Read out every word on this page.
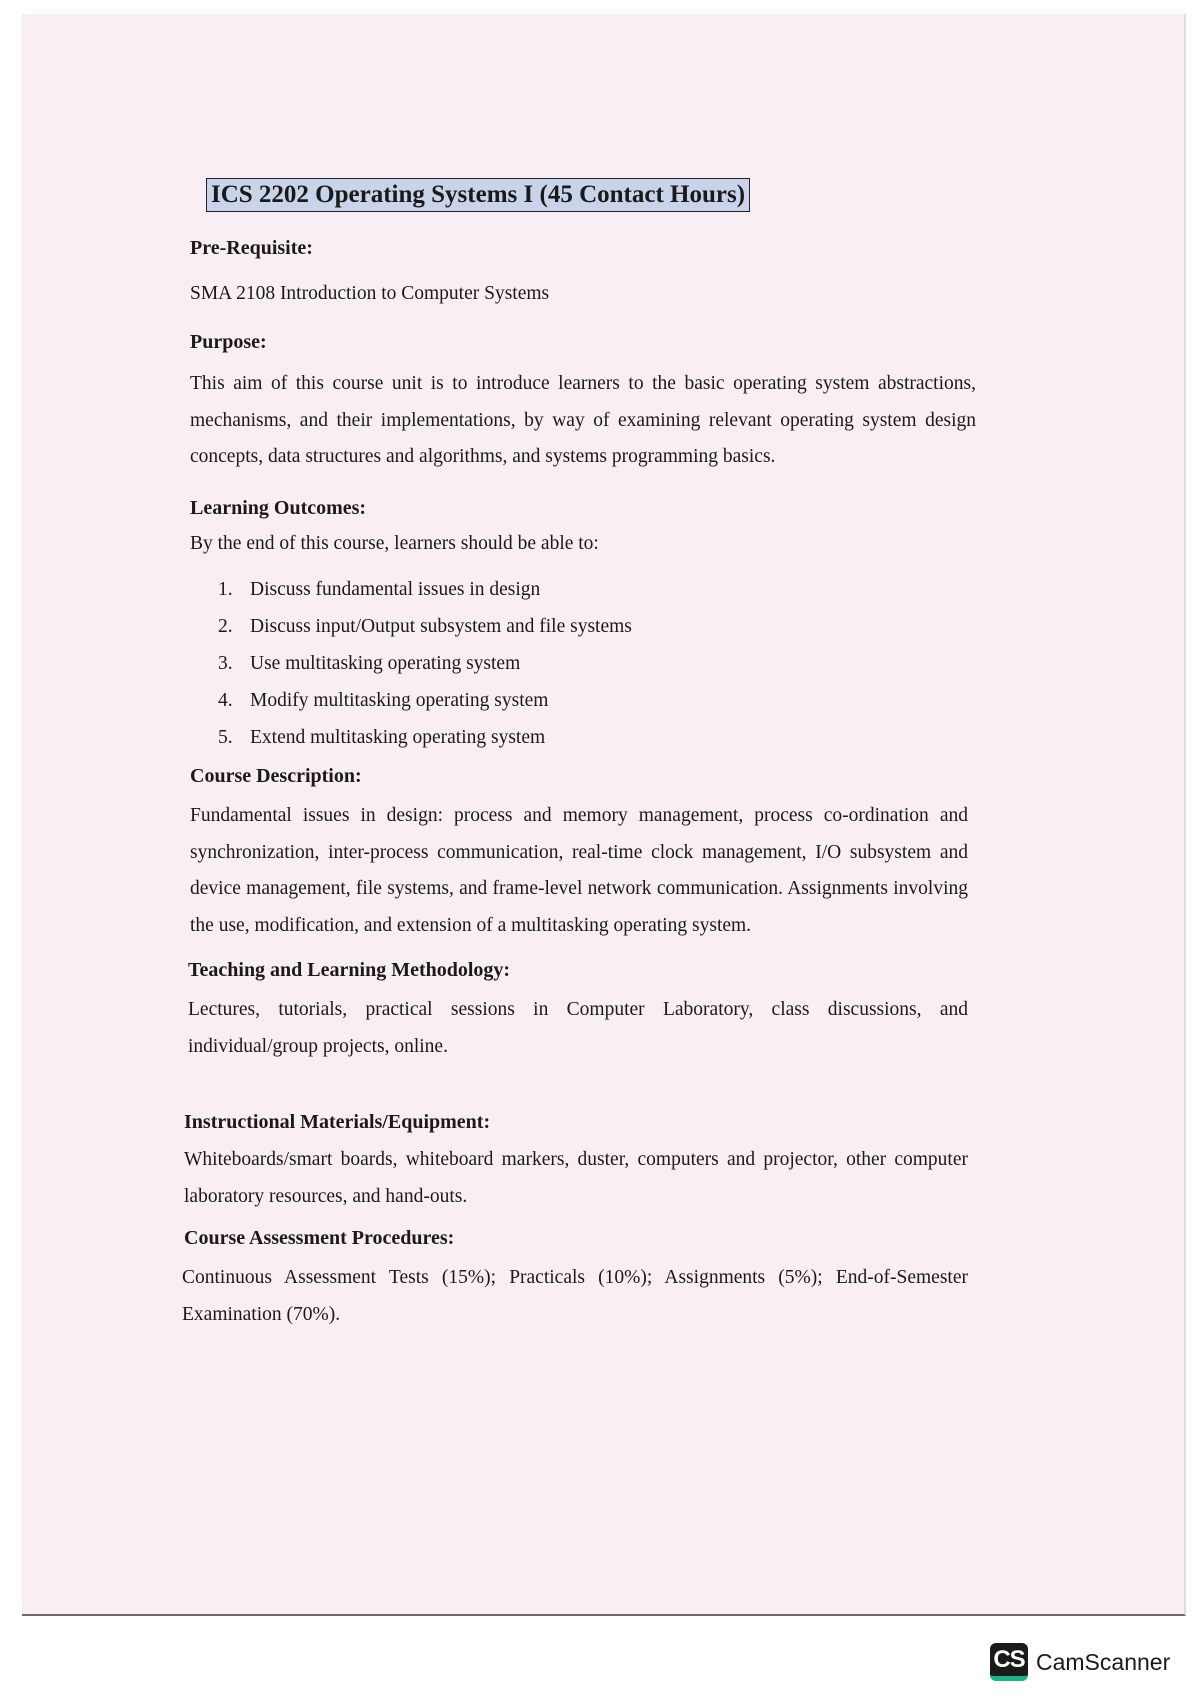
ICS 2202 Operating Systems I (45 Contact Hours)
Pre-Requisite:
SMA 2108 Introduction to Computer Systems
Purpose:
This aim of this course unit is to introduce learners to the basic operating system abstractions, mechanisms, and their implementations, by way of examining relevant operating system design concepts, data structures and algorithms, and systems programming basics.
Learning Outcomes:
By the end of this course, learners should be able to:
1. Discuss fundamental issues in design
2. Discuss input/Output subsystem and file systems
3. Use multitasking operating system
4. Modify multitasking operating system
5. Extend multitasking operating system
Course Description:
Fundamental issues in design: process and memory management, process co-ordination and synchronization, inter-process communication, real-time clock management, I/O subsystem and device management, file systems, and frame-level network communication. Assignments involving the use, modification, and extension of a multitasking operating system.
Teaching and Learning Methodology:
Lectures, tutorials, practical sessions in Computer Laboratory, class discussions, and individual/group projects, online.
Instructional Materials/Equipment:
Whiteboards/smart boards, whiteboard markers, duster, computers and projector, other computer laboratory resources, and hand-outs.
Course Assessment Procedures:
Continuous Assessment Tests (15%); Practicals (10%); Assignments (5%); End-of-Semester Examination (70%).
CS CamScanner
